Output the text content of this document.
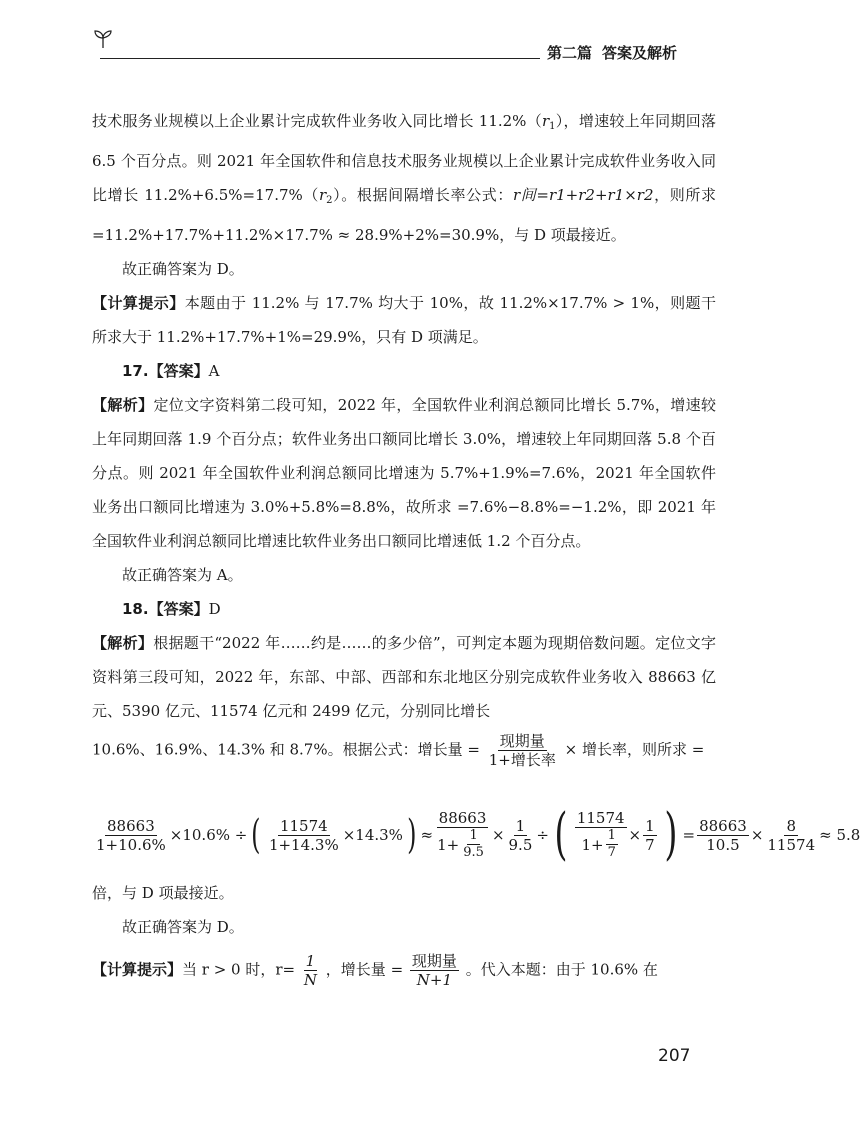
第二篇 答案及解析

技术服务业规模以上企业累计完成软件业务收入同比增长 $11.2\%(r_1)$，增速较上年同期回落 6.5 个百分点。则 2021 年全国软件和信息技术服务业规模以上企业累计完成软件业务收入同比增长 $11.2\%+6.5\%=17.7\%(r_2)$。根据间隔增长率公式：r间=r1+r2+r1×r2，则所求 =11.2%+17.7%+11.2%×17.7% ≈ 28.9%+2%=30.9%，与 D 项最接近。

故正确答案为 D。

【计算提示】本题由于 11.2% 与 17.7% 均大于 10%，故 11.2%×17.7% > 1%，则题干所求大于 11.2%+17.7%+1%=29.9%，只有 D 项满足。

17.【答案】A

【解析】定位文字资料第二段可知，2022 年，全国软件业利润总额同比增长 5.7%，增速较上年同期回落 1.9 个百分点；软件业务出口额同比增长 3.0%，增速较上年同期回落 5.8 个百分点。则 2021 年全国软件业利润总额同比增速为 5.7%+1.9%=7.6%，2021 年全国软件业务出口额同比增速为 3.0%+5.8%=8.8%，故所求 =7.6%−8.8%=−1.2%，即 2021 年全国软件业利润总额同比增速比软件业务出口额同比增速低 1.2 个百分点。

故正确答案为 A。

18.【答案】D

【解析】根据题干“2022 年……约是……的多少倍”，可判定本题为现期倍数问题。定位文字资料第三段可知，2022 年，东部、中部、西部和东北地区分别完成软件业务收入 88663 亿元、5390 亿元、11574 亿元和 2499 亿元，分别同比增长

10.6%、16.9%、14.3% 和 8.7%。根据公式：增长量 = $\frac{\text{现期量}}{\text{1+增长率}}$ × 增长率，则所求 =

$\frac{88663}{1+10.6\%} \times 10.6\%$ ÷ ( $\frac{11574}{1+14.3\%} \times 14.3\%$ ) ≈ $\frac{88663}{1+ \frac{1}{9.5}} \times \frac{1}{9.5}$ ÷ ( $\frac{11574}{1+ \frac{1}{7}} \times \frac{1}{7}$ ) = $\frac{88663}{10.5} \times \frac{8}{11574} \approx 5.8$

倍，与 D 项最接近。

故正确答案为 D。

【计算提示】当 r > 0 时，$r= \frac{1}{N}$ ，增长量 = $\frac{\text{现期量}}{N+1}$ 。代入本题：由于 10.6% 在

207
